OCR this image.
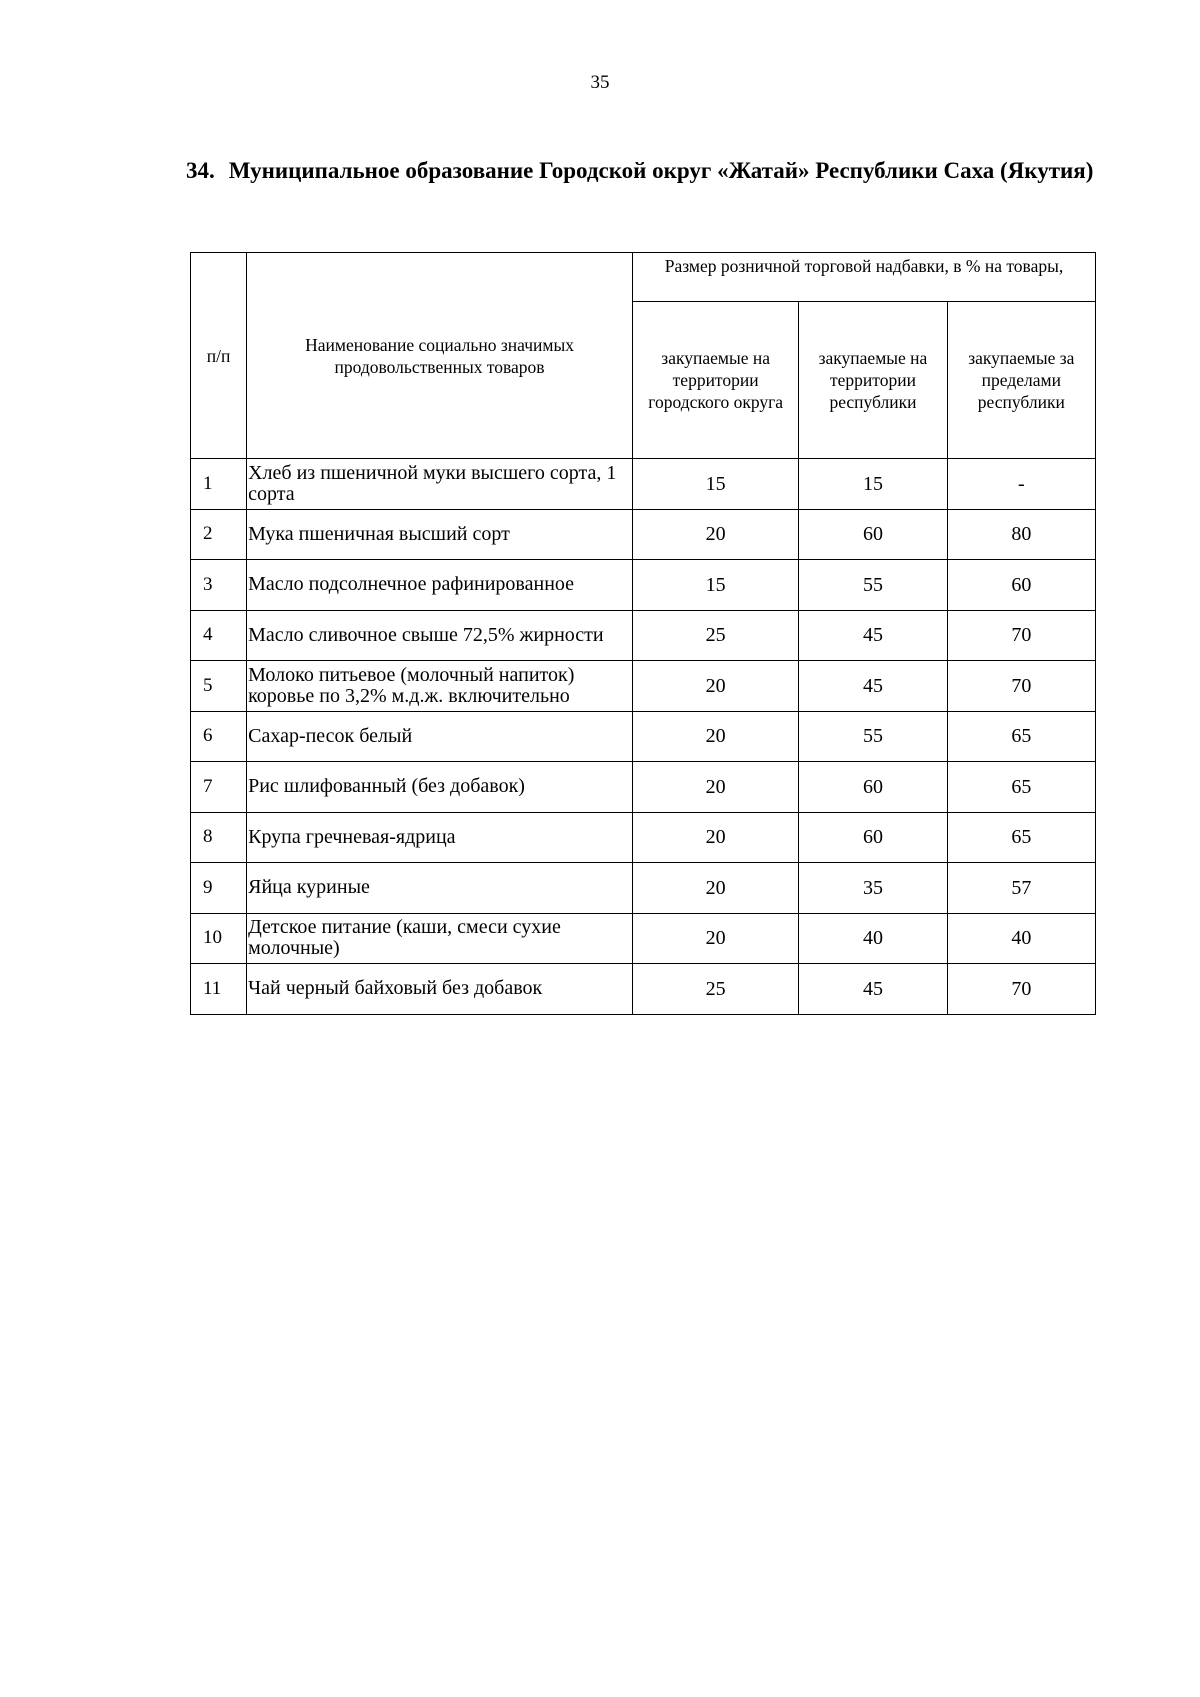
35
34. Муниципальное образование Городской округ «Жатай» Республики Саха (Якутия)
п/п	Наименование социально значимых продовольственных товаров	Размер розничной торговой надбавки, в % на товары,		
		закупаемые на территории городского округа	закупаемые на территории республики	закупаемые за пределами республики
1	Хлеб из пшеничной муки высшего сорта, 1 сорта	15	15	-
2	Мука пшеничная высший сорт	20	60	80
3	Масло подсолнечное рафинированное	15	55	60
4	Масло сливочное свыше 72,5% жирности	25	45	70
5	Молоко питьевое (молочный напиток) коровье по 3,2% м.д.ж. включительно	20	45	70
6	Сахар-песок белый	20	55	65
7	Рис шлифованный (без добавок)	20	60	65
8	Крупа гречневая-ядрица	20	60	65
9	Яйца куриные	20	35	57
10	Детское питание (каши, смеси сухие молочные)	20	40	40
11	Чай черный байховый без добавок	25	45	70
